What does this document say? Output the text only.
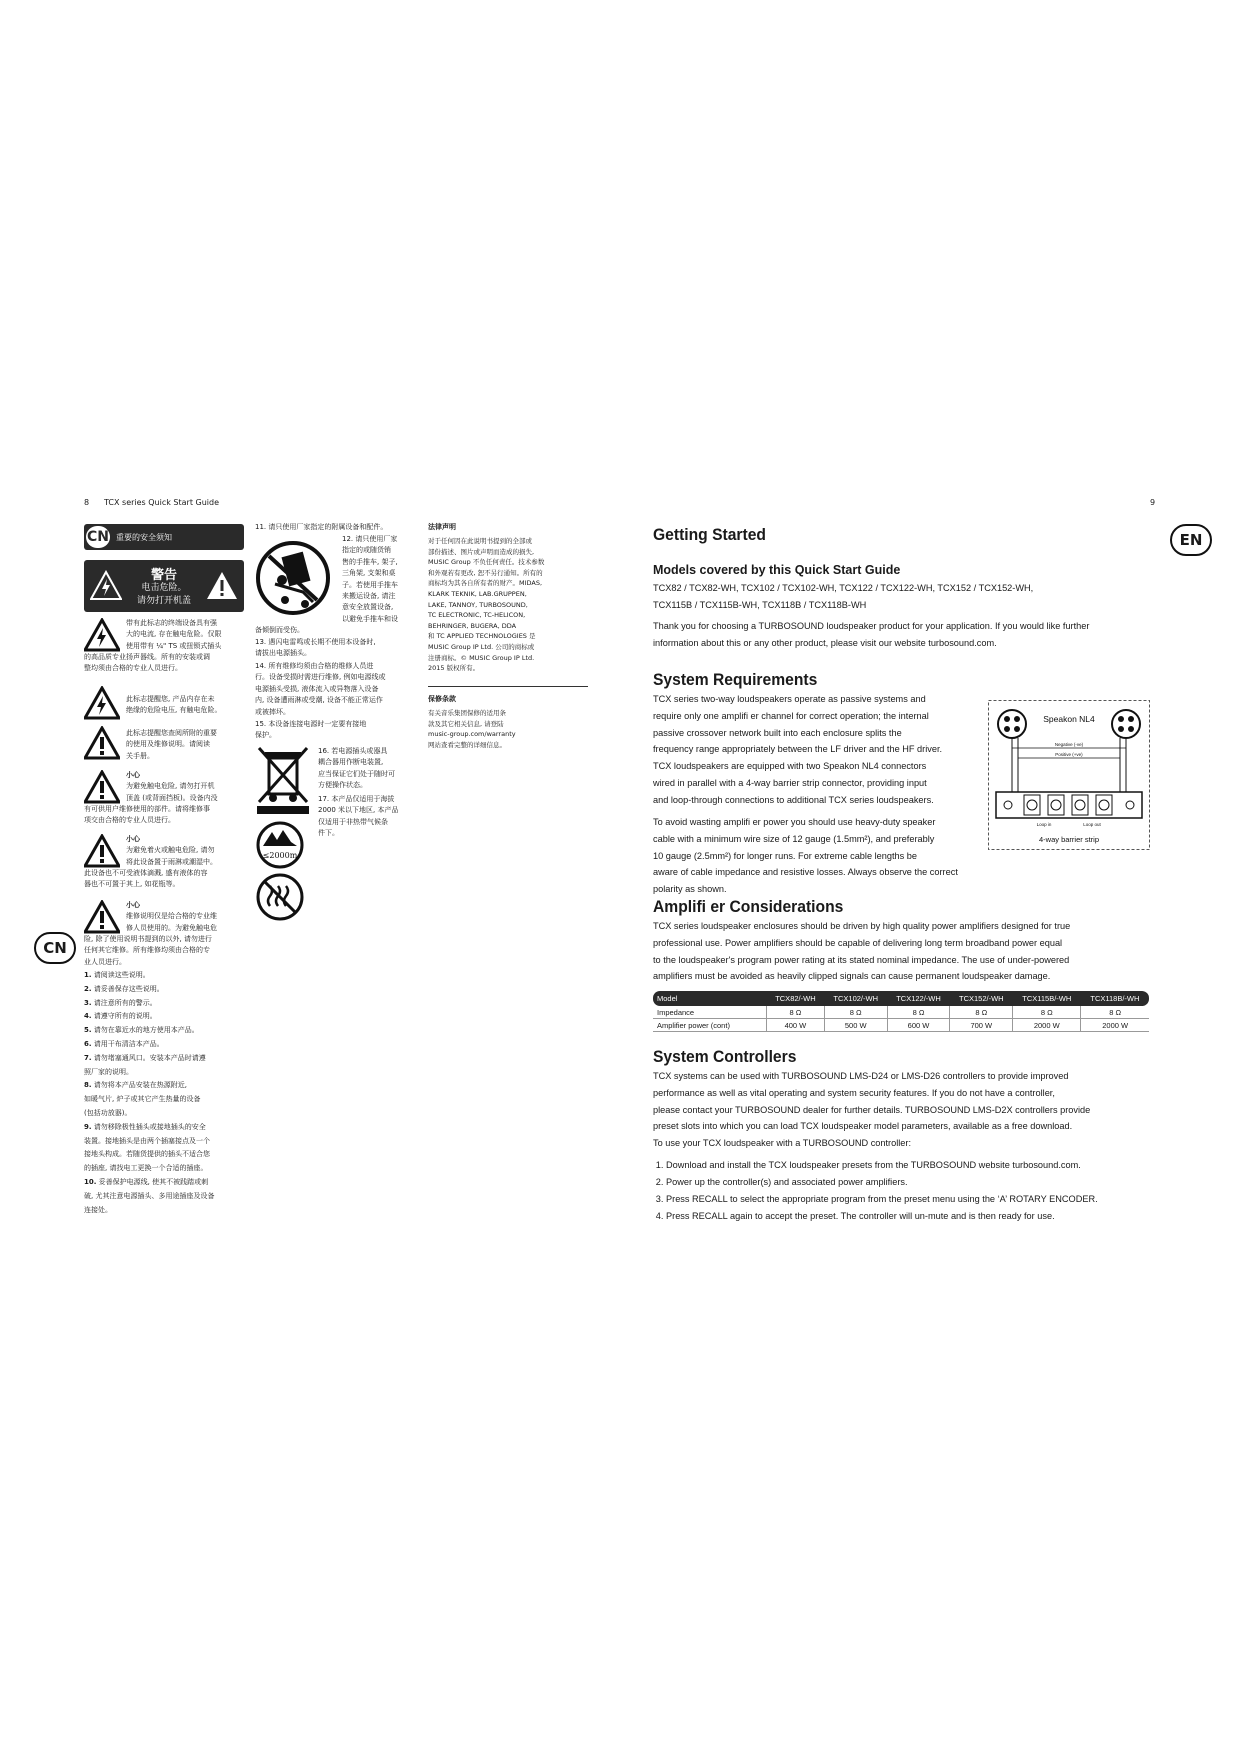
8 TCX series Quick Start Guide	9
CN 重要的安全须知
警告
电击危险。
请勿打开机盖
带有此标志的终端设备具有强
大的电流, 存在触电危险。仅限
使用带有 ¼" TS 或扭锁式插头
的高品质专业扬声器线。所有的安装或调
整均须由合格的专业人员进行。
此标志提醒您, 产品内存在未
绝缘的危险电压, 有触电危险。
此标志提醒您查阅所附的重要
的使用及维修说明。请阅读
关手册。
小心
为避免触电危险, 请勿打开机
顶盖 (或背面挡板)。设备内没
有可供用户维修使用的部件。请将维修事
项交由合格的专业人员进行。
小心
为避免着火或触电危险, 请勿
将此设备置于雨淋或潮湿中。
此设备也不可受液体滴溅, 盛有液体的容
器也不可置于其上, 如花瓶等。
小心
维修说明仅是给合格的专业维
修人员使用的。为避免触电危
险, 除了使用说明书提到的以外, 请勿进行
任何其它维修。所有维修均须由合格的专
业人员进行。
CN
1. 请阅读这些说明。
2. 请妥善保存这些说明。
3. 请注意所有的警示。
4. 请遵守所有的说明。
5. 请勿在靠近水的地方使用本产品。
6. 请用干布清洁本产品。
7. 请勿堵塞通风口。安装本产品时请遵
照厂家的说明。
8. 请勿将本产品安装在热源附近,
如暖气片, 炉子或其它产生热量的设备
(包括功放器)。
9. 请勿移除极性插头或接地插头的安全
装置。接地插头是由两个插塞接点及一个
接地头构成。若随货提供的插头不适合您
的插座, 请找电工更换一个合适的插座。
10. 妥善保护电源线, 使其不被践踏或刺
破, 尤其注意电源插头、多用途插座及设备
连接处。
11. 请只使用厂家指定的附属设备和配件。
12. 请只使用厂家
指定的或随货销
售的手推车, 架子,
三角架, 支架和桌
子。若使用手推车
来搬运设备, 请注
意安全放置设备,
以避免手推车和设
备倾倒而受伤。
13. 遇闪电雷鸣或长期不使用本设备时,
请拔出电源插头。
14. 所有维修均须由合格的维修人员进
行。设备受损时需进行维修, 例如电源线或
电源插头受损, 液体流入或异物落入设备
内, 设备遭雨淋或受潮, 设备不能正常运作
或被摔坏。
15. 本设备连接电源时一定要有接地
保护。
16. 若电源插头或器具
耦合器用作断电装置,
应当保证它们处于随时可
方便操作状态。
17. 本产品仅适用于海拔
2000 米以下地区, 本产品
仅适用于非热带气候条
件下。
≤2000m
法律声明
对于任何因在此说明书提到的全部或
部份描述、图片或声明而造成的损失,
MUSIC Group 不负任何责任。技术参数
和外观若有更改, 恕不另行通知。所有的
商标均为其各自所有者的财产。MIDAS,
KLARK TEKNIK, LAB.GRUPPEN,
LAKE, TANNOY, TURBOSOUND,
TC ELECTRONIC, TC-HELICON,
BEHRINGER, BUGERA, DDA
和 TC APPLIED TECHNOLOGIES 是
MUSIC Group IP Ltd. 公司的商标或
注册商标。© MUSIC Group IP Ltd.
2015 版权所有。
保修条款
有关音乐集团保修的适用条
款及其它相关信息, 请登陆
music-group.com/warranty
网站查看完整的详细信息。
EN
Getting Started
Models covered by this Quick Start Guide
TCX82 / TCX82-WH, TCX102 / TCX102-WH, TCX122 / TCX122-WH, TCX152 / TCX152-WH,
TCX115B / TCX115B-WH, TCX118B / TCX118B-WH
Thank you for choosing a TURBOSOUND loudspeaker product for your application. If you would like further
information about this or any other product, please visit our website turbosound.com.
System Requirements
TCX series two-way loudspeakers operate as passive systems and
require only one amplifi er channel for correct operation; the internal
passive crossover network built into each enclosure splits the
frequency range appropriately between the LF driver and the HF driver.
TCX loudspeakers are equipped with two Speakon NL4 connectors
wired in parallel with a 4-way barrier strip connector, providing input
and loop-through connections to additional TCX series loudspeakers.
To avoid wasting amplifi er power you should use heavy-duty speaker
cable with a minimum wire size of 12 gauge (1.5mm²), and preferably
10 gauge (2.5mm²) for longer runs. For extreme cable lengths be
aware of cable impedance and resistive losses. Always observe the correct polarity as shown.
Speakon NL4
Negative (-ve)
Positive (+ve)
Loop in	Loop out
4-way barrier strip
Amplifi er Considerations
TCX series loudspeaker enclosures should be driven by high quality power amplifiers designed for true
professional use. Power amplifiers should be capable of delivering long term broadband power equal
to the loudspeaker's program power rating at its stated nominal impedance. The use of under-powered
amplifiers must be avoided as heavily clipped signals can cause permanent loudspeaker damage.
Model	TCX82/-WH	TCX102/-WH	TCX122/-WH	TCX152/-WH	TCX115B/-WH	TCX118B/-WH
Impedance	8 Ω	8 Ω	8 Ω	8 Ω	8 Ω	8 Ω
Amplifier power (cont)	400 W	500 W	600 W	700 W	2000 W	2000 W
System Controllers
TCX systems can be used with TURBOSOUND LMS-D24 or LMS-D26 controllers to provide improved
performance as well as vital operating and system security features. If you do not have a controller,
please contact your TURBOSOUND dealer for further details. TURBOSOUND LMS-D2X controllers provide
preset slots into which you can load TCX loudspeaker model parameters, available as a free download.
To use your TCX loudspeaker with a TURBOSOUND controller:
1. Download and install the TCX loudspeaker presets from the TURBOSOUND website turbosound.com.
2. Power up the controller(s) and associated power amplifiers.
3. Press RECALL to select the appropriate program from the preset menu using the ‘A’ ROTARY ENCODER.
4. Press RECALL again to accept the preset. The controller will un-mute and is then ready for use.
